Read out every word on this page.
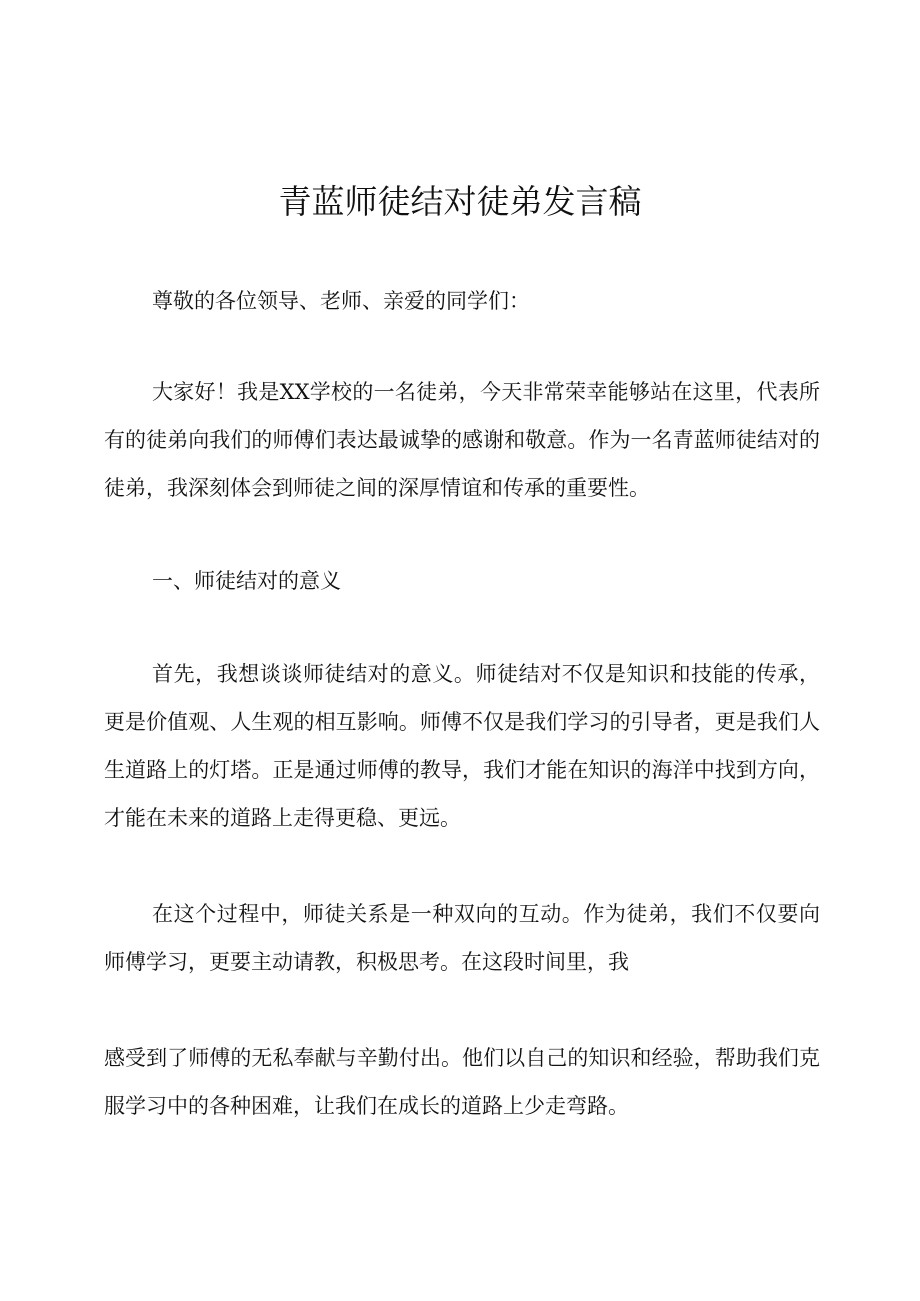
青蓝师徒结对徒弟发言稿

尊敬的各位领导、老师、亲爱的同学们：

大家好！我是XX学校的一名徒弟，今天非常荣幸能够站在这里，代表所有的徒弟向我们的师傅们表达最诚挚的感谢和敬意。作为一名青蓝师徒结对的徒弟，我深刻体会到师徒之间的深厚情谊和传承的重要性。

一、师徒结对的意义

首先，我想谈谈师徒结对的意义。师徒结对不仅是知识和技能的传承，更是价值观、人生观的相互影响。师傅不仅是我们学习的引导者，更是我们人生道路上的灯塔。正是通过师傅的教导，我们才能在知识的海洋中找到方向，才能在未来的道路上走得更稳、更远。

在这个过程中，师徒关系是一种双向的互动。作为徒弟，我们不仅要向师傅学习，更要主动请教，积极思考。在这段时间里，我

感受到了师傅的无私奉献与辛勤付出。他们以自己的知识和经验，帮助我们克服学习中的各种困难，让我们在成长的道路上少走弯路。
